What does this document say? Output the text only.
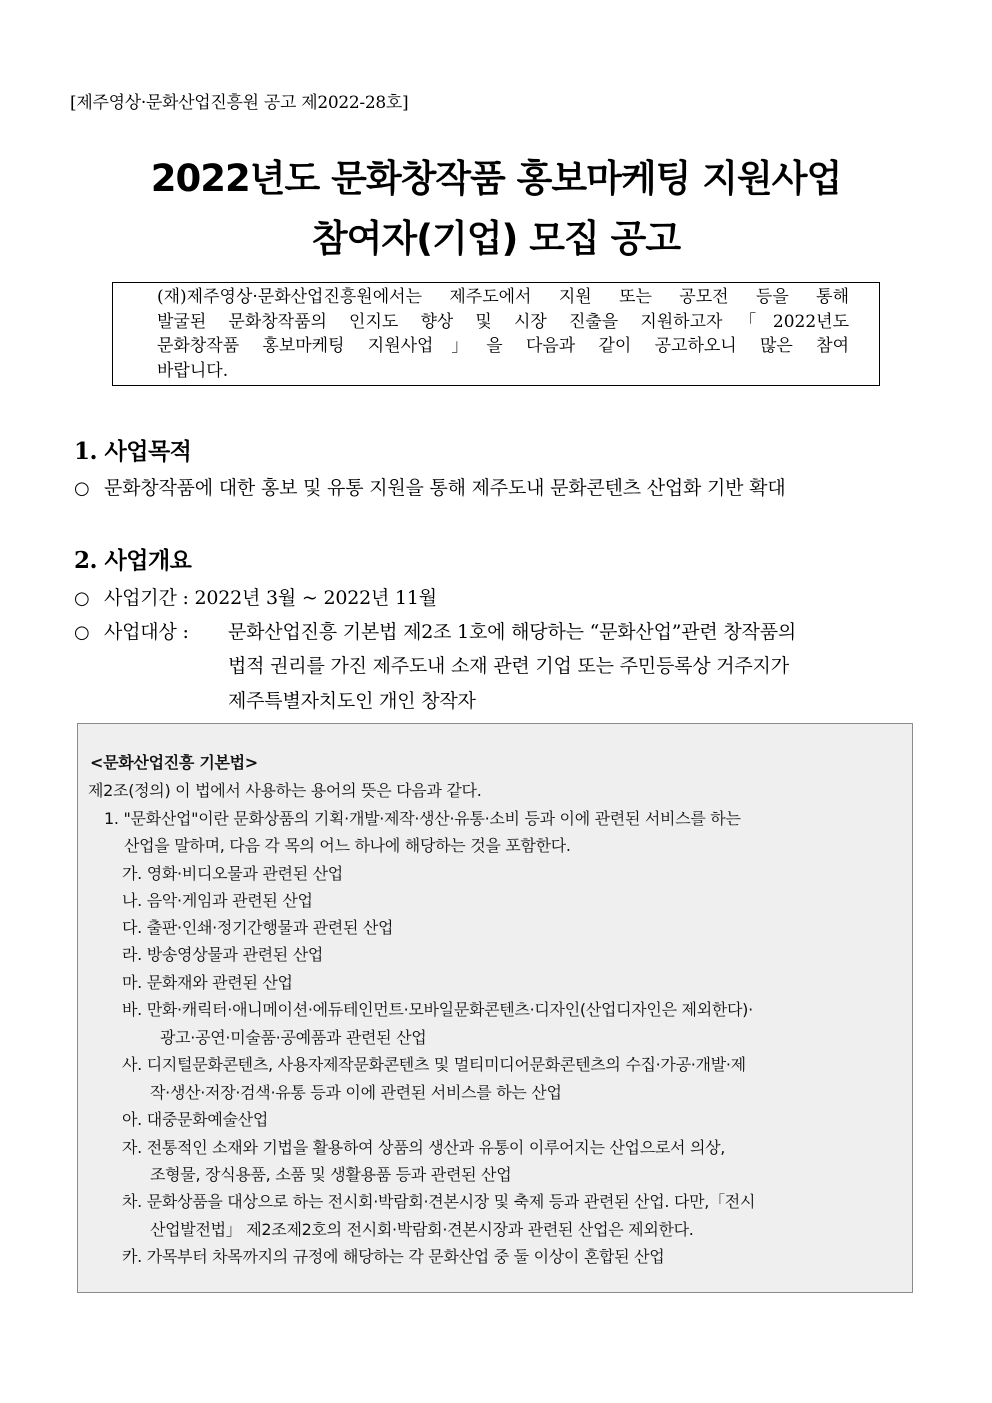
[제주영상·문화산업진흥원 공고 제2022-28호]
2022년도 문화창작품 홍보마케팅 지원사업
참여자(기업) 모집 공고
(재)제주영상·문화산업진흥원에서는 제주도에서 지원 또는 공모전 등을 통해
발굴된 문화창작품의 인지도 향상 및 시장 진출을 지원하고자「2022년도
문화창작품 홍보마케팅 지원사업」을 다음과 같이 공고하오니 많은 참여
바랍니다.
1. 사업목적
○ 문화창작품에 대한 홍보 및 유통 지원을 통해 제주도내 문화콘텐츠 산업화 기반 확대
2. 사업개요
○ 사업기간 : 2022년 3월 ~ 2022년 11월
○ 사업대상 :문화산업진흥 기본법 제2조 1호에 해당하는 “문화산업”관련 창작품의
법적 권리를 가진 제주도내 소재 관련 기업 또는 주민등록상 거주지가
제주특별자치도인 개인 창작자
<문화산업진흥 기본법>
제2조(정의) 이 법에서 사용하는 용어의 뜻은 다음과 같다.
1. "문화산업"이란 문화상품의 기획·개발·제작·생산·유통·소비 등과 이에 관련된 서비스를 하는
산업을 말하며, 다음 각 목의 어느 하나에 해당하는 것을 포함한다.
가. 영화·비디오물과 관련된 산업
나. 음악·게임과 관련된 산업
다. 출판·인쇄·정기간행물과 관련된 산업
라. 방송영상물과 관련된 산업
마. 문화재와 관련된 산업
바. 만화·캐릭터·애니메이션·에듀테인먼트·모바일문화콘텐츠·디자인(산업디자인은 제외한다)·
광고·공연·미술품·공예품과 관련된 산업
사. 디지털문화콘텐츠, 사용자제작문화콘텐츠 및 멀티미디어문화콘텐츠의 수집·가공·개발·제
작·생산·저장·검색·유통 등과 이에 관련된 서비스를 하는 산업
아. 대중문화예술산업
자. 전통적인 소재와 기법을 활용하여 상품의 생산과 유통이 이루어지는 산업으로서 의상,
조형물, 장식용품, 소품 및 생활용품 등과 관련된 산업
차. 문화상품을 대상으로 하는 전시회·박람회·견본시장 및 축제 등과 관련된 산업. 다만,「전시
산업발전법」 제2조제2호의 전시회·박람회·견본시장과 관련된 산업은 제외한다.
카. 가목부터 차목까지의 규정에 해당하는 각 문화산업 중 둘 이상이 혼합된 산업
